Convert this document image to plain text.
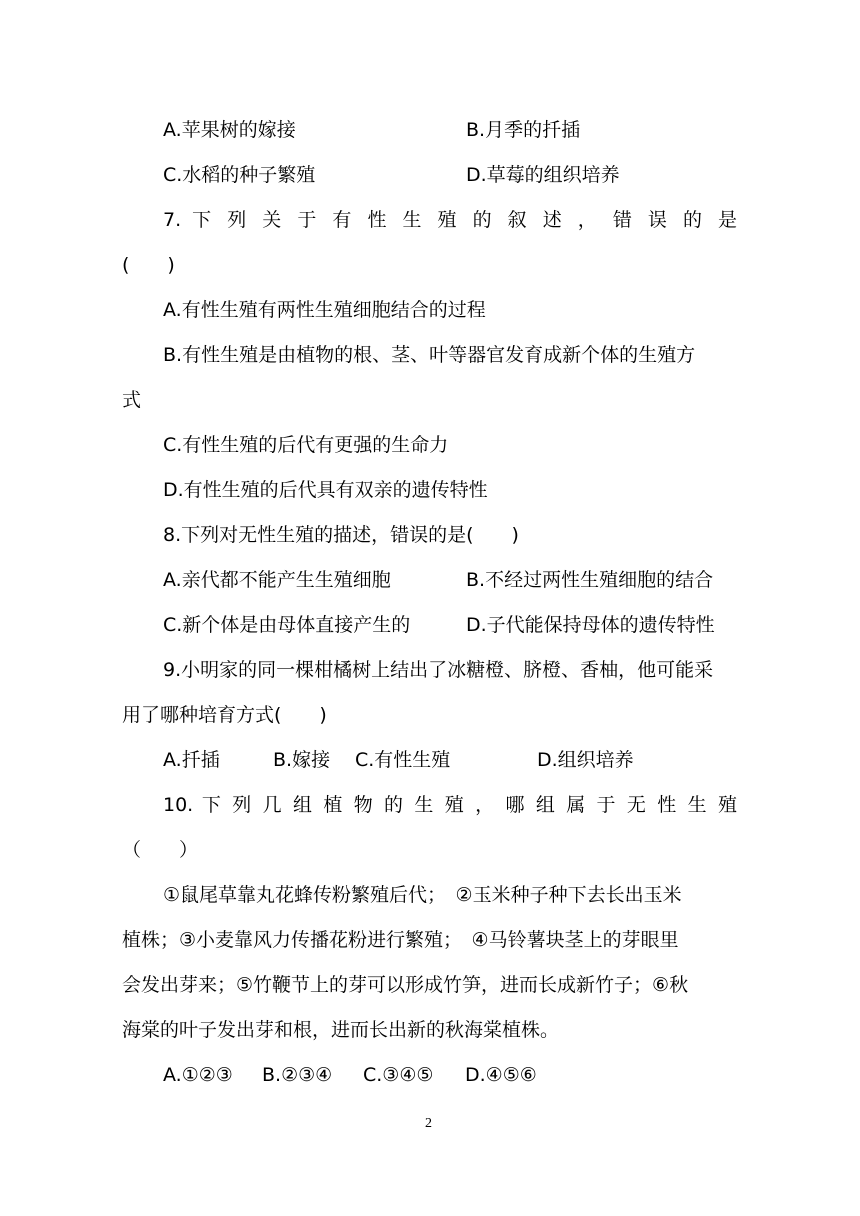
A.苹果树的嫁接	B.月季的扦插
C.水稻的种子繁殖	D.草莓的组织培养
7. 下 列 关 于 有 性 生 殖 的 叙 述 ， 错 误 的 是
(　　)
A.有性生殖有两性生殖细胞结合的过程
B.有性生殖是由植物的根、茎、叶等器官发育成新个体的生殖方
式
C.有性生殖的后代有更强的生命力
D.有性生殖的后代具有双亲的遗传特性
8.下列对无性生殖的描述，错误的是(　　)
A.亲代都不能产生生殖细胞	B.不经过两性生殖细胞的结合
C.新个体是由母体直接产生的	D.子代能保持母体的遗传特性
9.小明家的同一棵柑橘树上结出了冰糖橙、脐橙、香柚，他可能采
用了哪种培育方式(　　)
A.扦插	B.嫁接 C.有性生殖	D.组织培养
10. 下 列 几 组 植 物 的 生 殖 ， 哪 组 属 于 无 性 生 殖
（　　）
①鼠尾草靠丸花蜂传粉繁殖后代；　②玉米种子种下去长出玉米
植株；③小麦靠风力传播花粉进行繁殖；　④马铃薯块茎上的芽眼里
会发出芽来；⑤竹鞭节上的芽可以形成竹笋，进而长成新竹子；⑥秋
海棠的叶子发出芽和根，进而长出新的秋海棠植株。
A.①②③ B.②③④ C.③④⑤ D.④⑤⑥
2
